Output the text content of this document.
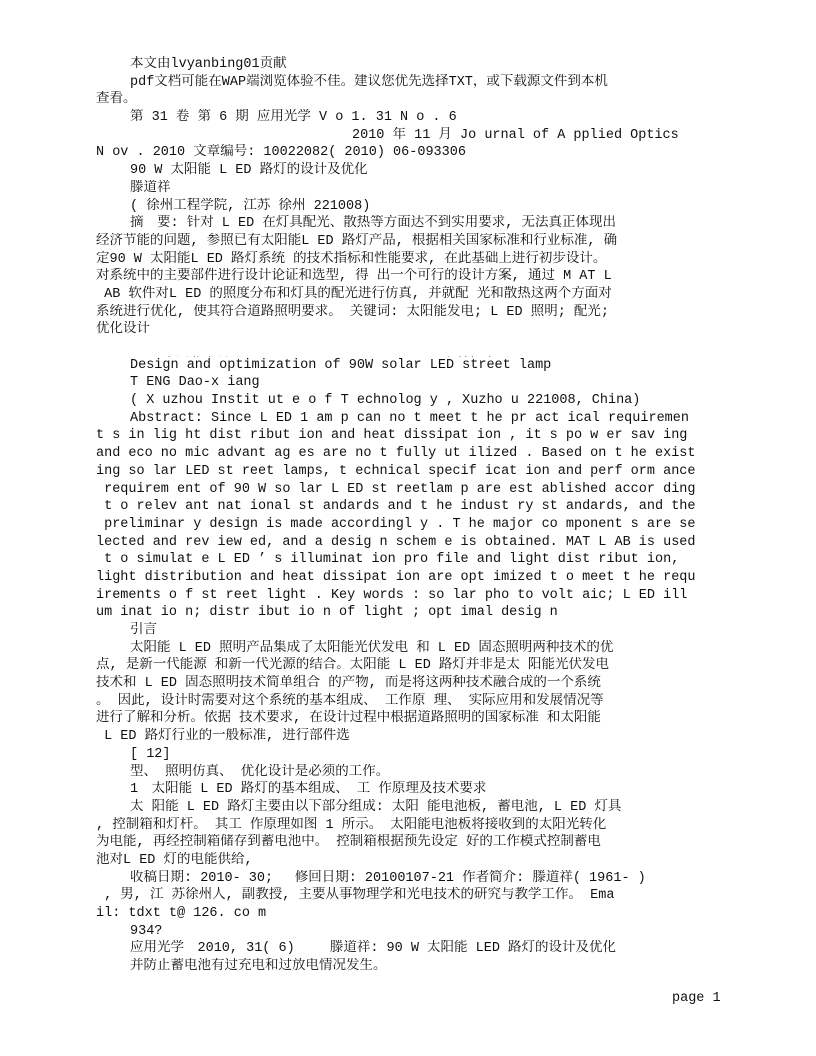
本文由lvyanbing01贡献
pdf文档可能在WAP端浏览体验不佳。建议您优先选择TXT，或下载源文件到本机
查看。
第 31 卷 第 6 期 应用光学 V o 1. 31 N o . 6
2010 年 11 月 Jo urnal of A pplied Optics
N ov . 2010 文章编号: 10022082( 2010) 06-093306
90 W 太阳能 L ED 路灯的设计及优化
滕道祥
( 徐州工程学院, 江苏 徐州 221008)
摘　要: 针对 L ED 在灯具配光、散热等方面达不到实用要求, 无法真正体现出
经济节能的问题, 参照已有太阳能L ED 路灯产品, 根据相关国家标准和行业标准, 确
定90 W 太阳能L ED 路灯系统 的技术指标和性能要求, 在此基础上进行初步设计。
对系统中的主要部件进行设计论证和选型, 得 出一个可行的设计方案, 通过 M AT L
AB 软件对L ED 的照度分布和灯具的配光进行仿真, 并就配 光和散热这两个方面对
系统进行优化, 使其符合道路照明要求。 关键词: 太阳能发电; L ED 照明; 配光;
优化设计

Design and optimization of 90W solar LED street lamp
T ENG Dao-x iang
( X uzhou Instit ut e o f T echnolog y , Xuzho u 221008, China)
Abstract: Since L ED 1 am p can no t meet t he pr act ical requiremen
t s in lig ht dist ribut ion and heat dissipat ion , it s po w er sav ing
and eco no mic advant ag es are no t fully ut ilized . Based on t he exist
ing so lar LED st reet lamps, t echnical specif icat ion and perf orm ance
requirem ent of 90 W so lar L ED st reetlam p are est ablished accor ding
t o relev ant nat ional st andards and t he indust ry st andards, and the
preliminar y design is made accordingl y . T he major co mponent s are se
lected and rev iew ed, and a desig n schem e is obtained. MAT L AB is used
t o simulat e L ED ’ s illuminat ion pro file and light dist ribut ion,
light distribution and heat dissipat ion are opt imized t o meet t he requ
irements o f st reet light . Key words : so lar pho to volt aic; L ED ill
um inat io n; distr ibut io n of light ; opt imal desig n
引言
太阳能 L ED 照明产品集成了太阳能光伏发电 和 L ED 固态照明两种技术的优
点, 是新一代能源 和新一代光源的结合。太阳能 L ED 路灯并非是太 阳能光伏发电
技术和 L ED 固态照明技术简单组合 的产物, 而是将这两种技术融合成的一个系统
。 因此, 设计时需要对这个系统的基本组成、 工作原 理、 实际应用和发展情况等
进行了解和分析。依据 技术要求, 在设计过程中根据道路照明的国家标准 和太阳能
L ED 路灯行业的一般标准, 进行部件选
[ 12]
型、 照明仿真、 优化设计是必须的工作。
1　太阳能 L ED 路灯的基本组成、 工 作原理及技术要求
太 阳能 L ED 路灯主要由以下部分组成: 太阳 能电池板, 蓄电池, L ED 灯具
, 控制箱和灯杆。 其工 作原理如图 1 所示。 太阳能电池板将接收到的太阳光转化
为电能, 再经控制箱储存到蓄电池中。 控制箱根据预先设定 好的工作模式控制蓄电
池对L ED 灯的电能供给,
收稿日期: 2010- 30;　 修回日期: 20100107-21 作者简介: 滕道祥( 1961- )
, 男, 江 苏徐州人, 副教授, 主要从事物理学和光电技术的研究与教学工作。 Ema
il: tdxt t@ 126. co m
934?
应用光学　2010, 31( 6)　　 滕道祥: 90 W 太阳能 LED 路灯的设计及优化
并防止蓄电池有过充电和过放电情况发生。
page 1
